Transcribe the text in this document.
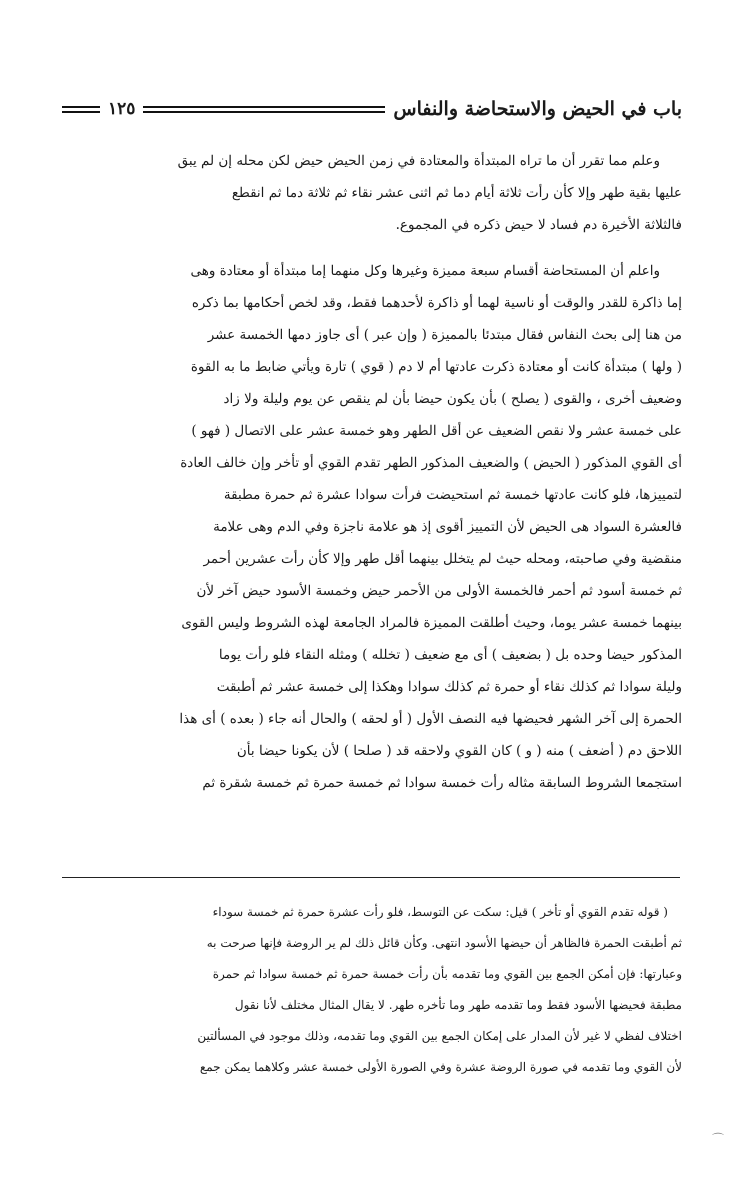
١٢٥	باب في الحيض والاستحاضة والنفاس
وعلم مما تقرر أن ما تراه المبتدأة والمعتادة في زمن الحيض حيض لكن محله إن لم يبق
عليها بقية طهر وإلا كأن رأت ثلاثة أيام دما ثم اثنى عشر نقاء ثم ثلاثة دما ثم انقطع
فالثلاثة الأخيرة دم فساد لا حيض ذكره في المجموع.
واعلم أن المستحاضة أقسام سبعة مميزة وغيرها وكل منهما إما مبتدأة أو معتادة وهى
إما ذاكرة للقدر والوقت أو ناسية لهما أو ذاكرة لأحدهما فقط، وقد لخص أحكامها بما ذكره
من هنا إلى بحث النفاس فقال مبتدئا بالمميزة ( وإن عبر ) أى جاوز دمها الخمسة عشر
( ولها ) مبتدأة كانت أو معتادة ذكرت عادتها أم لا دم ( قوي ) تارة ويأتي ضابط ما به القوة
وضعيف أخرى ، والقوى ( يصلح ) بأن يكون حيضا بأن لم ينقص عن يوم وليلة ولا زاد
على خمسة عشر ولا نقص الضعيف عن أقل الطهر وهو خمسة عشر على الاتصال ( فهو )
أى القوي المذكور ( الحيض ) والضعيف المذكور الطهر تقدم القوي أو تأخر وإن خالف العادة
لتمييزها، فلو كانت عادتها خمسة ثم استحيضت فرأت سوادا عشرة ثم حمرة مطبقة
فالعشرة السواد هى الحيض لأن التمييز أقوى إذ هو علامة ناجزة وفي الدم وهى علامة
منقضية وفي صاحبته، ومحله حيث لم يتخلل بينهما أقل طهر وإلا كأن رأت عشرين أحمر
ثم خمسة أسود ثم أحمر فالخمسة الأولى من الأحمر حيض وخمسة الأسود حيض آخر لأن
بينهما خمسة عشر يوما، وحيث أطلقت المميزة فالمراد الجامعة لهذه الشروط وليس القوى
المذكور حيضا وحده بل ( بضعيف ) أى مع ضعيف ( تخلله ) ومثله النقاء فلو رأت يوما
وليلة سوادا ثم كذلك نقاء أو حمرة ثم كذلك سوادا وهكذا إلى خمسة عشر ثم أطبقت
الحمرة إلى آخر الشهر فحيضها فيه النصف الأول ( أو لحقه ) والحال أنه جاء ( بعده ) أى هذا
اللاحق دم ( أضعف ) منه ( و ) كان القوي ولاحقه قد ( صلحا ) لأن يكونا حيضا بأن
استجمعا الشروط السابقة مثاله رأت خمسة سوادا ثم خمسة حمرة ثم خمسة شقرة ثم
( قوله تقدم القوي أو تأخر ) قيل: سكت عن التوسط، فلو رأت عشرة حمرة ثم خمسة سوداء
ثم أطبقت الحمرة فالظاهر أن حيضها الأسود انتهى. وكأن قائل ذلك لم ير الروضة فإنها صرحت به
وعبارتها: فإن أمكن الجمع بين القوي وما تقدمه بأن رأت خمسة حمرة ثم خمسة سوادا ثم حمرة
مطبقة فحيضها الأسود فقط وما تقدمه طهر وما تأخره طهر. لا يقال المثال مختلف لأنا نقول
اختلاف لفظي لا غير لأن المدار على إمكان الجمع بين القوي وما تقدمه، وذلك موجود في المسألتين
لأن القوي وما تقدمه في صورة الروضة عشرة وفي الصورة الأولى خمسة عشر وكلاهما يمكن جمع
⌒
